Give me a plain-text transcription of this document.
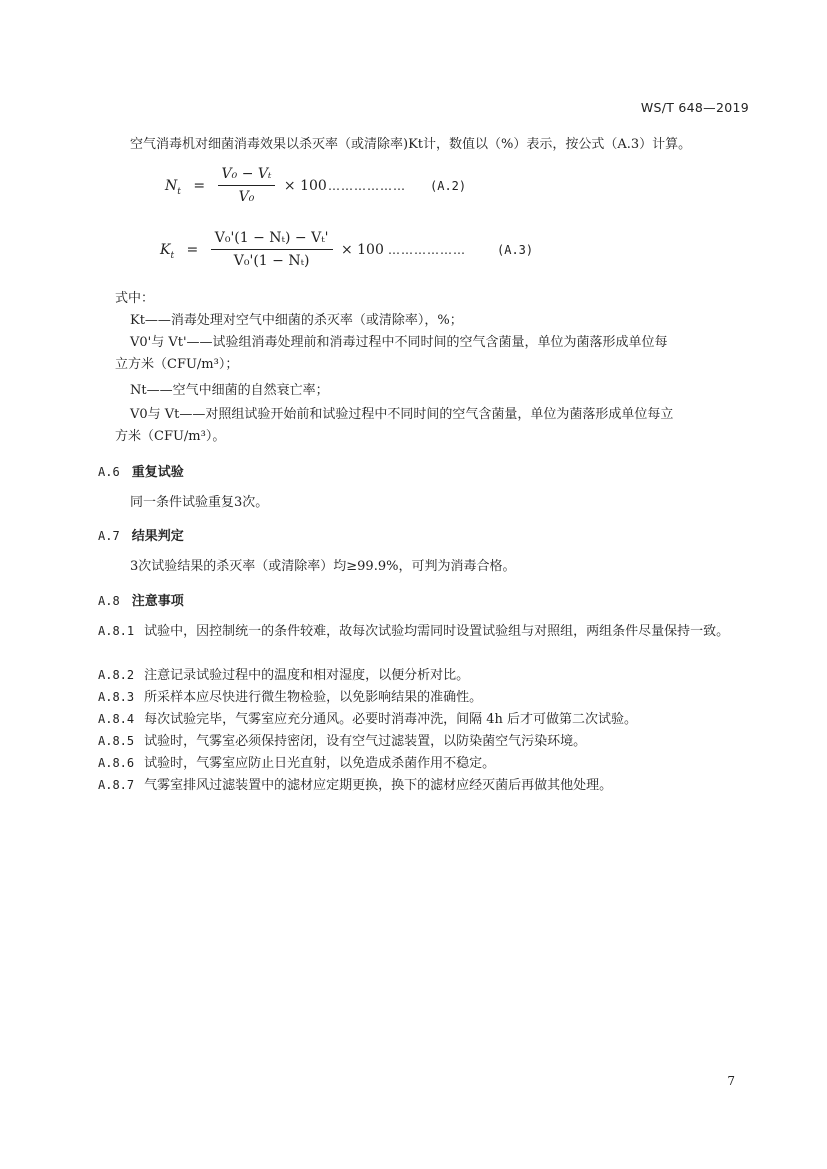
WS/T 648—2019
空气消毒机对细菌消毒效果以杀灭率（或清除率)Kt计，数值以（%）表示，按公式（A.3）计算。
$N_t = \frac{\text{V₀ − Vₜ}}{\text{V₀}} \times 100$ ……………… (A.2)
$K_t = \frac{\text{V₀'(1 − Nₜ) − Vₜ'}}{\text{V₀'(1 − Nₜ)}} \times 100$ ………………	(A.3)
式中：
Kt——消毒处理对空气中细菌的杀灭率（或清除率），%；
V0'与 Vt'——试验组消毒处理前和消毒过程中不同时间的空气含菌量，单位为菌落形成单位每
立方米（CFU/m³）；
Nt——空气中细菌的自然衰亡率；
V0与 Vt——对照组试验开始前和试验过程中不同时间的空气含菌量，单位为菌落形成单位每立
方米（CFU/m³）。
A.6 重复试验
同一条件试验重复3次。
A.7 结果判定
3次试验结果的杀灭率（或清除率）均≥99.9%，可判为消毒合格。
A.8 注意事项
A.8.1 试验中，因控制统一的条件较难，故每次试验均需同时设置试验组与对照组，两组条件尽量保持一致。
A.8.2 注意记录试验过程中的温度和相对湿度，以便分析对比。
A.8.3 所采样本应尽快进行微生物检验，以免影响结果的准确性。
A.8.4 每次试验完毕，气雾室应充分通风。必要时消毒冲洗，间隔 4h 后才可做第二次试验。
A.8.5 试验时，气雾室必须保持密闭，设有空气过滤装置，以防染菌空气污染环境。
A.8.6 试验时，气雾室应防止日光直射，以免造成杀菌作用不稳定。
A.8.7 气雾室排风过滤装置中的滤材应定期更换，换下的滤材应经灭菌后再做其他处理。
7
